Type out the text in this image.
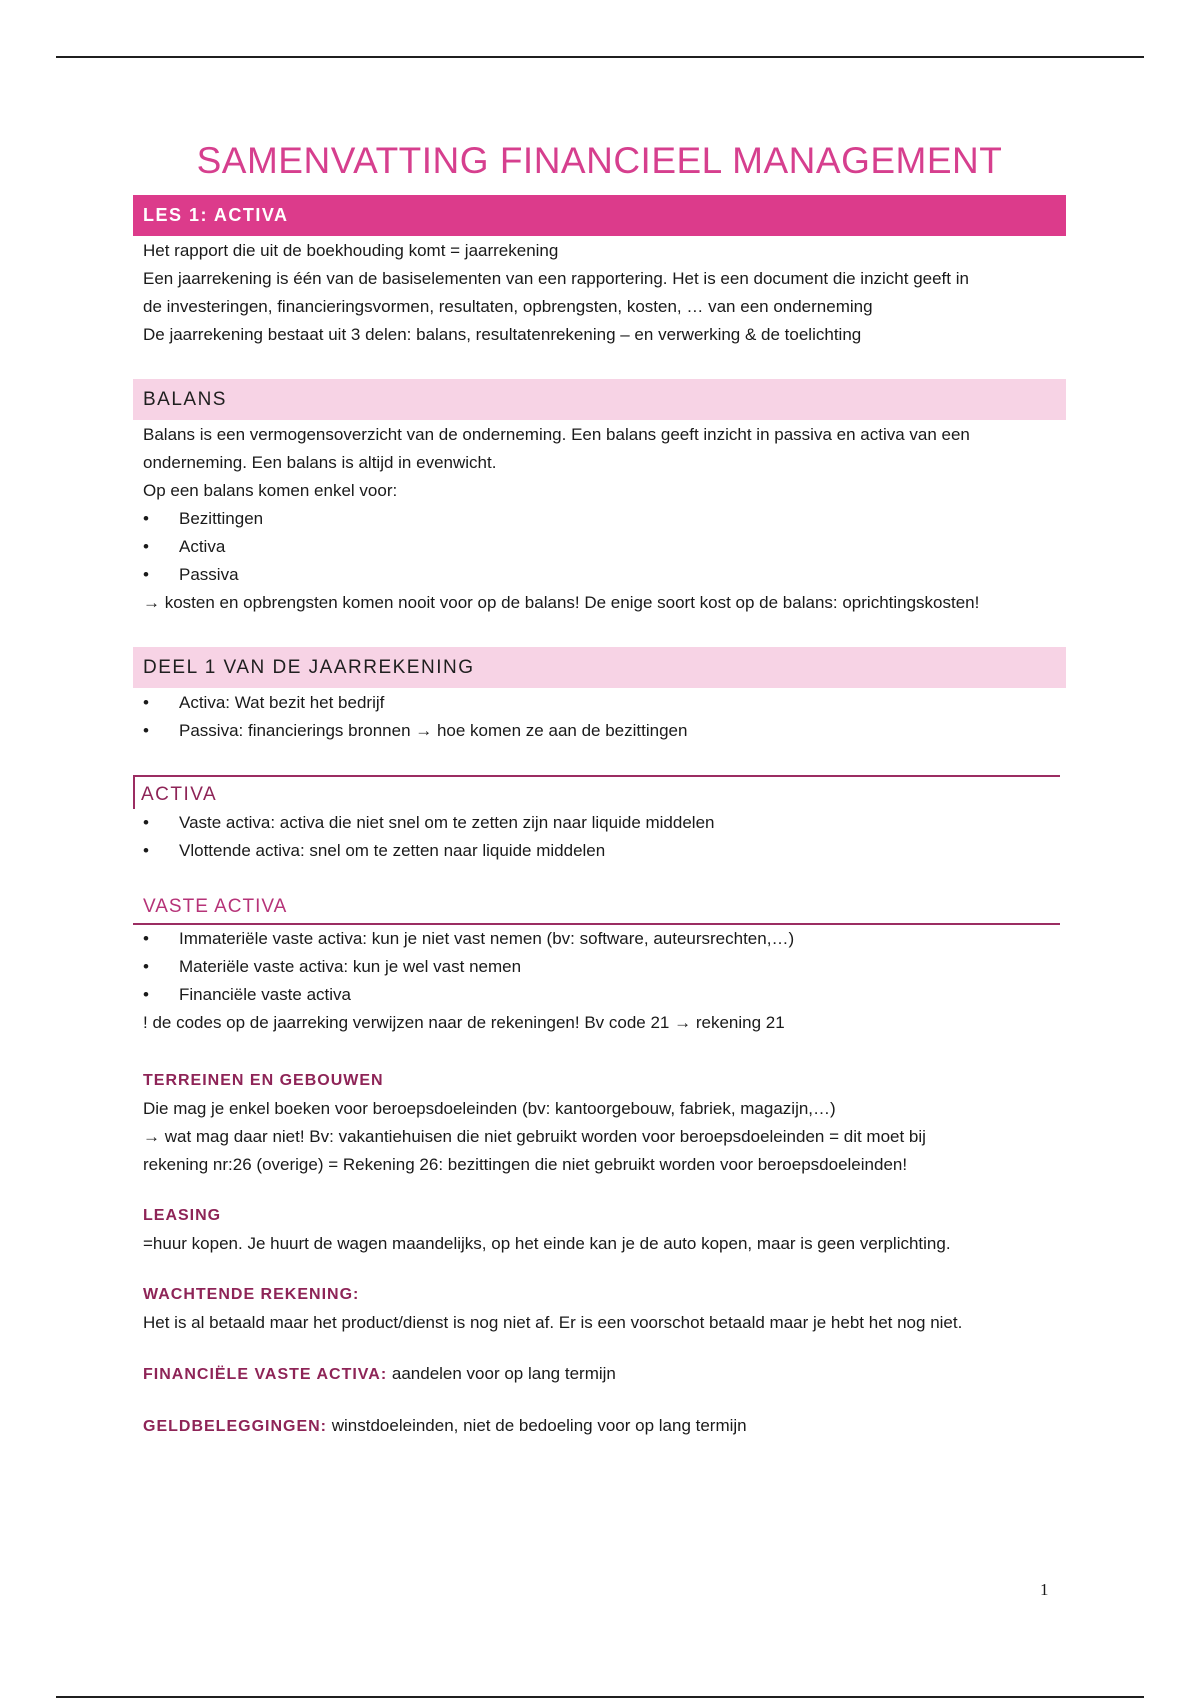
SAMENVATTING FINANCIEEL MANAGEMENT
LES 1: ACTIVA

Het rapport die uit de boekhouding komt = jaarrekening

Een jaarrekening is één van de basiselementen van een rapportering. Het is een document die inzicht geeft in

de investeringen, financieringsvormen, resultaten, opbrengsten, kosten, … van een onderneming

De jaarrekening bestaat uit 3 delen: balans, resultatenrekening – en verwerking & de toelichting

BALANS

Balans is een vermogensoverzicht van de onderneming. Een balans geeft inzicht in passiva en activa van een

onderneming. Een balans is altijd in evenwicht.

Op een balans komen enkel voor:

• Bezittingen
• Activa
• Passiva

→ kosten en opbrengsten komen nooit voor op de balans! De enige soort kost op de balans: oprichtingskosten!

DEEL 1 VAN DE JAARREKENING
• Activa: Wat bezit het bedrijf
• Passiva: financierings bronnen → hoe komen ze aan de bezittingen
ACTIVA
• Vaste activa: activa die niet snel om te zetten zijn naar liquide middelen
• Vlottende activa: snel om te zetten naar liquide middelen
VASTE ACTIVA
• Immateriële vaste activa: kun je niet vast nemen (bv: software, auteursrechten,…)
• Materiële vaste activa: kun je wel vast nemen
• Financiële vaste activa

! de codes op de jaarreking verwijzen naar de rekeningen! Bv code 21 → rekening 21

TERREINEN EN GEBOUWEN

Die mag je enkel boeken voor beroepsdoeleinden (bv: kantoorgebouw, fabriek, magazijn,…)

→ wat mag daar niet! Bv: vakantiehuisen die niet gebruikt worden voor beroepsdoeleinden = dit moet bij

rekening nr:26 (overige) = Rekening 26: bezittingen die niet gebruikt worden voor beroepsdoeleinden!

LEASING

=huur kopen. Je huurt de wagen maandelijks, op het einde kan je de auto kopen, maar is geen verplichting.

WACHTENDE REKENING:

Het is al betaald maar het product/dienst is nog niet af. Er is een voorschot betaald maar je hebt het nog niet.

FINANCIËLE VASTE ACTIVA: aandelen voor op lang termijn

GELDBELEGGINGEN: winstdoeleinden, niet de bedoeling voor op lang termijn

1
